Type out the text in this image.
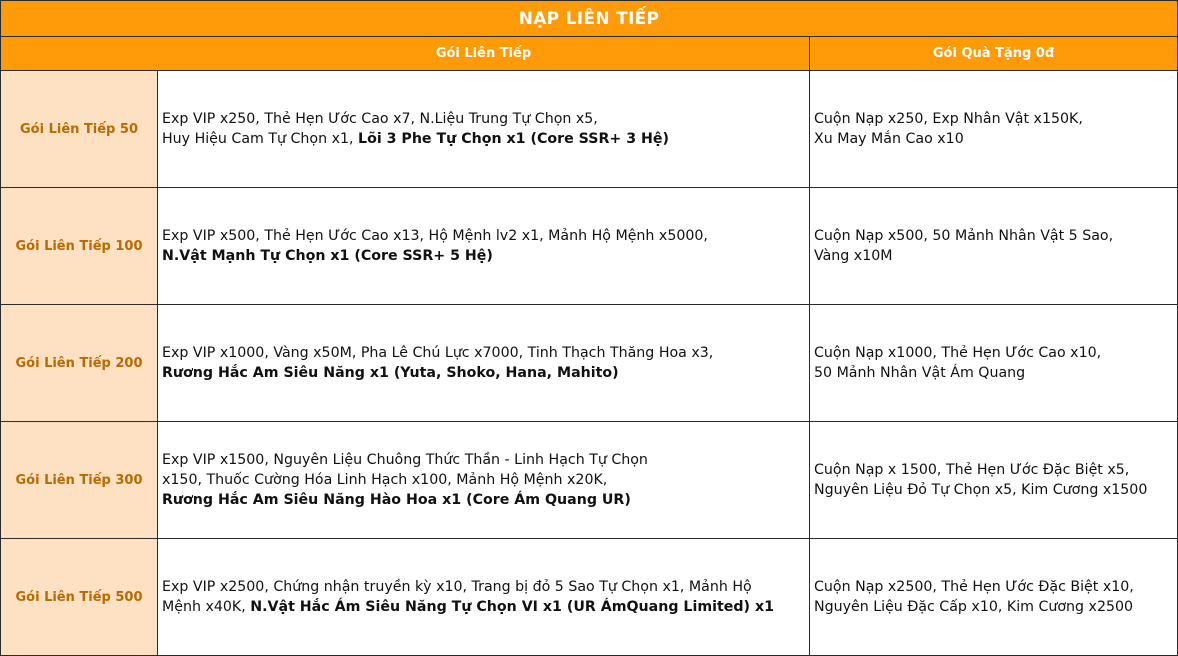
NẠP LIÊN TIẾP
Gói Liên Tiếp	Gói Quà Tặng 0đ
Gói Liên Tiếp 50
Exp VIP x250, Thẻ Hẹn Ước Cao x7, N.Liệu Trung Tự Chọn x5,
Huy Hiệu Cam Tự Chọn x1, Lõi 3 Phe Tự Chọn x1 (Core SSR+ 3 Hệ)
Cuộn Nạp x250, Exp Nhân Vật x150K,
Xu May Mắn Cao x10
Gói Liên Tiếp 100
Exp VIP x500, Thẻ Hẹn Ước Cao x13, Hộ Mệnh lv2 x1, Mảnh Hộ Mệnh x5000,
N.Vật Mạnh Tự Chọn x1 (Core SSR+ 5 Hệ)
Cuộn Nạp x500, 50 Mảnh Nhân Vật 5 Sao,
Vàng x10M
Gói Liên Tiếp 200
Exp VIP x1000, Vàng x50M, Pha Lê Chú Lực x7000, Tinh Thạch Thăng Hoa x3,
Rương Hắc Am Siêu Năng x1 (Yuta, Shoko, Hana, Mahito)
Cuộn Nạp x1000, Thẻ Hẹn Ước Cao x10,
50 Mảnh Nhân Vật Ám Quang
Gói Liên Tiếp 300
Exp VIP x1500, Nguyên Liệu Chuông Thức Thần - Linh Hạch Tự Chọn
x150, Thuốc Cường Hóa Linh Hạch x100, Mảnh Hộ Mệnh x20K,
Rương Hắc Am Siêu Năng Hào Hoa x1 (Core Ám Quang UR)
Cuộn Nạp x 1500, Thẻ Hẹn Ước Đặc Biệt x5,
Nguyên Liệu Đỏ Tự Chọn x5, Kim Cương x1500
Gói Liên Tiếp 500
Exp VIP x2500, Chứng nhận truyền kỳ x10, Trang bị đỏ 5 Sao Tự Chọn x1, Mảnh Hộ
Mệnh x40K, N.Vật Hắc Ám Siêu Năng Tự Chọn VI x1 (UR ÁmQuang Limited) x1
Cuộn Nạp x2500, Thẻ Hẹn Ước Đặc Biệt x10,
Nguyên Liệu Đặc Cấp x10, Kim Cương x2500
